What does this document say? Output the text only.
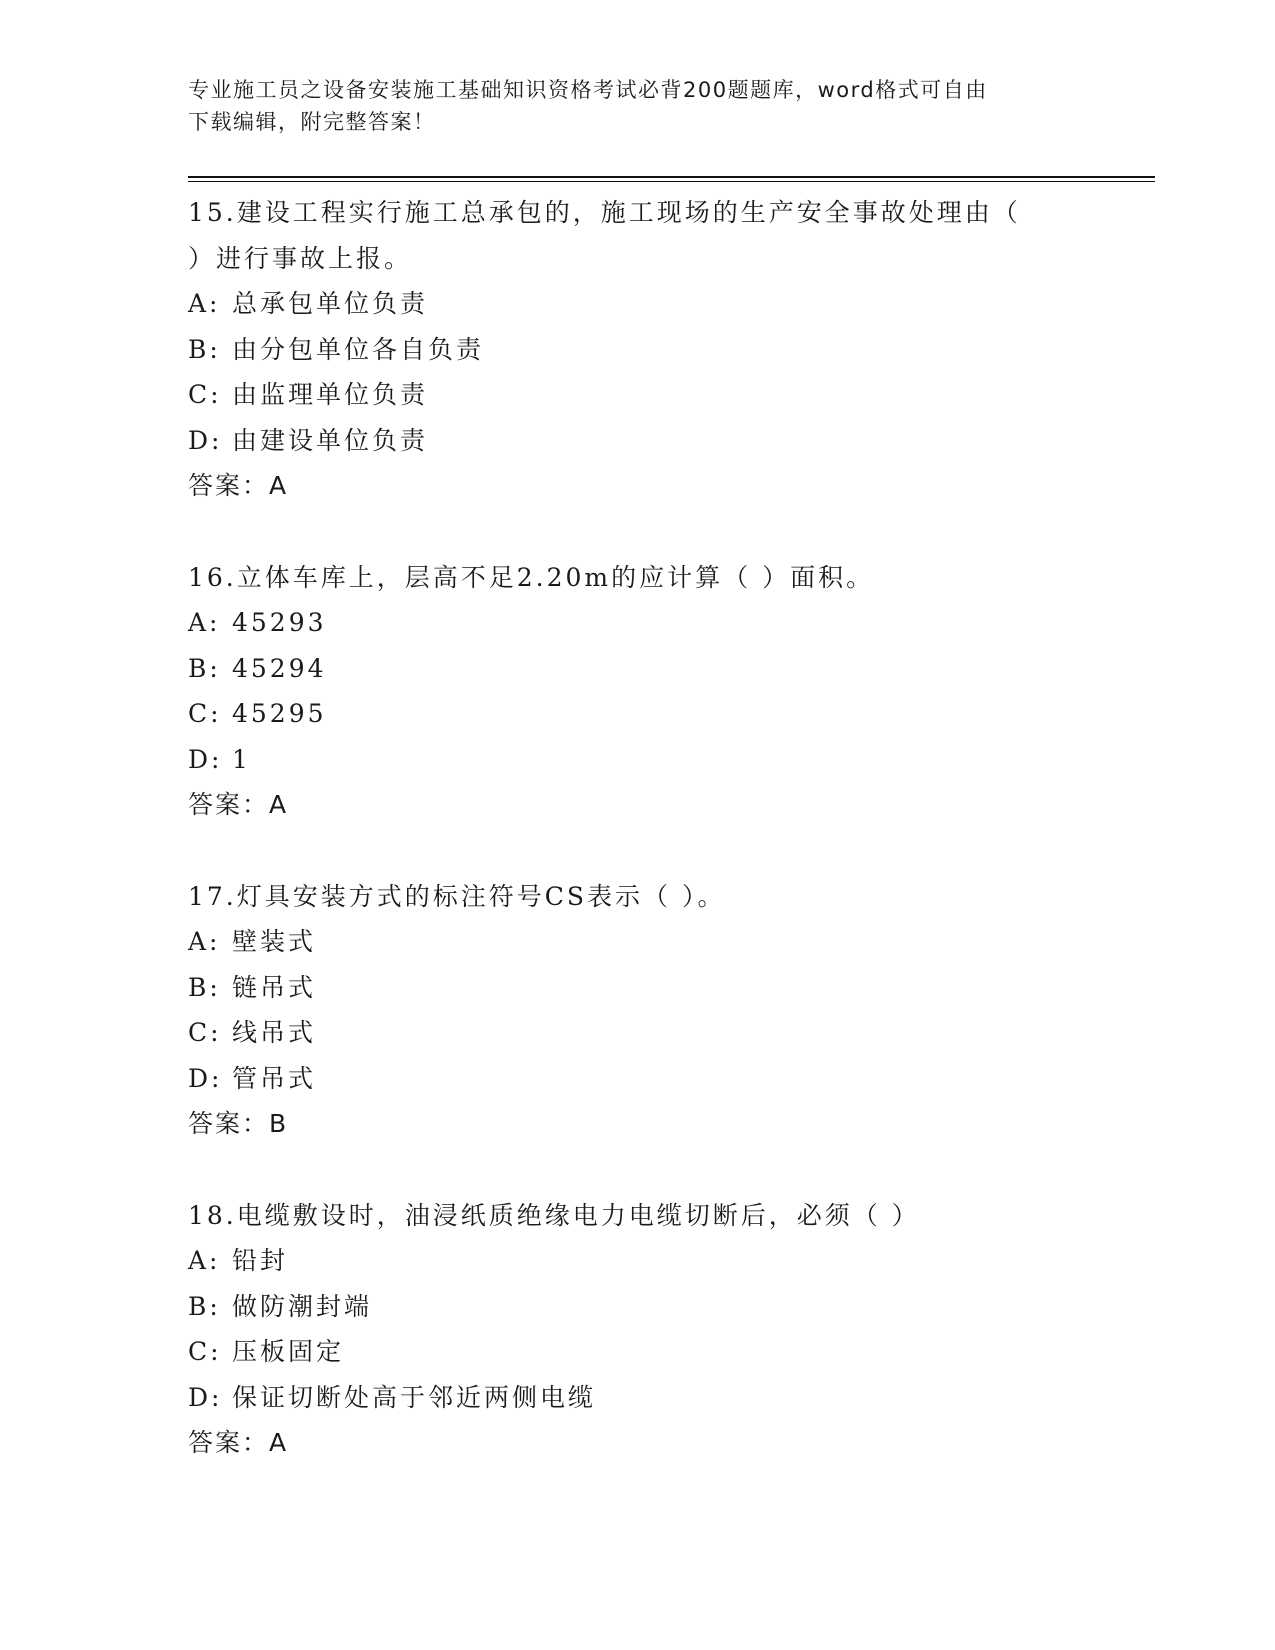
专业施工员之设备安装施工基础知识资格考试必背200题题库，word格式可自由
下载编辑，附完整答案！
15.建设工程实行施工总承包的，施工现场的生产安全事故处理由（
）进行事故上报。
A: 总承包单位负责
B: 由分包单位各自负责
C: 由监理单位负责
D: 由建设单位负责
答案：A
16.立体车库上，层高不足2.20m的应计算（ ）面积。
A: 45293
B: 45294
C: 45295
D: 1
答案：A
17.灯具安装方式的标注符号CS表示（ ）。
A: 壁装式
B: 链吊式
C: 线吊式
D: 管吊式
答案：B
18.电缆敷设时，油浸纸质绝缘电力电缆切断后，必须（ ）
A: 铅封
B: 做防潮封端
C: 压板固定
D: 保证切断处高于邻近两侧电缆
答案：A
